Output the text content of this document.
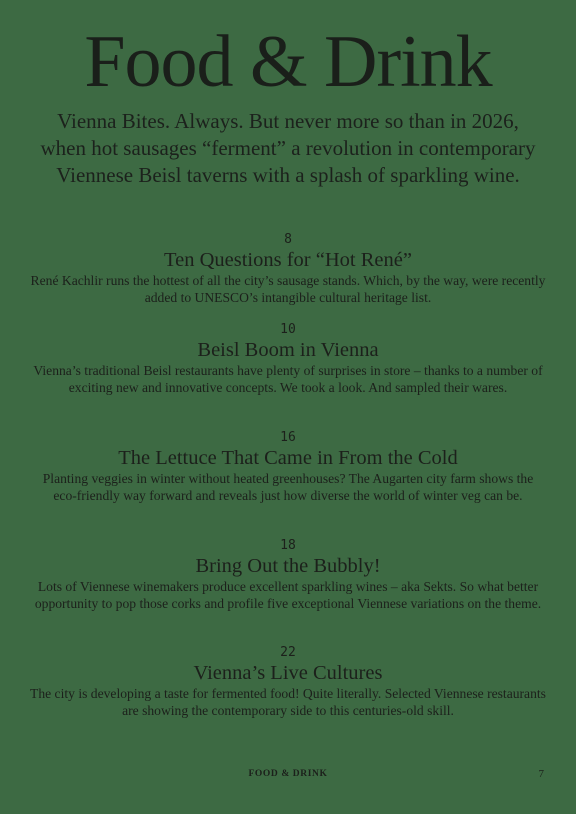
Food & Drink
Vienna Bites. Always. But never more so than in 2026, when hot sausages “ferment” a revolution in contemporary Viennese Beisl taverns with a splash of sparkling wine.
8
Ten Questions for “Hot René”
René Kachlir runs the hottest of all the city’s sausage stands. Which, by the way, were recently added to UNESCO’s intangible cultural heritage list.
10
Beisl Boom in Vienna
Vienna’s traditional Beisl restaurants have plenty of surprises in store – thanks to a number of exciting new and innovative concepts. We took a look. And sampled their wares.
16
The Lettuce That Came in From the Cold
Planting veggies in winter without heated greenhouses? The Augarten city farm shows the eco-friendly way forward and reveals just how diverse the world of winter veg can be.
18
Bring Out the Bubbly!
Lots of Viennese winemakers produce excellent sparkling wines – aka Sekts. So what better opportunity to pop those corks and profile five exceptional Viennese variations on the theme.
22
Vienna’s Live Cultures
The city is developing a taste for fermented food! Quite literally. Selected Viennese restaurants are showing the contemporary side to this centuries-old skill.
FOOD & DRINK	7
